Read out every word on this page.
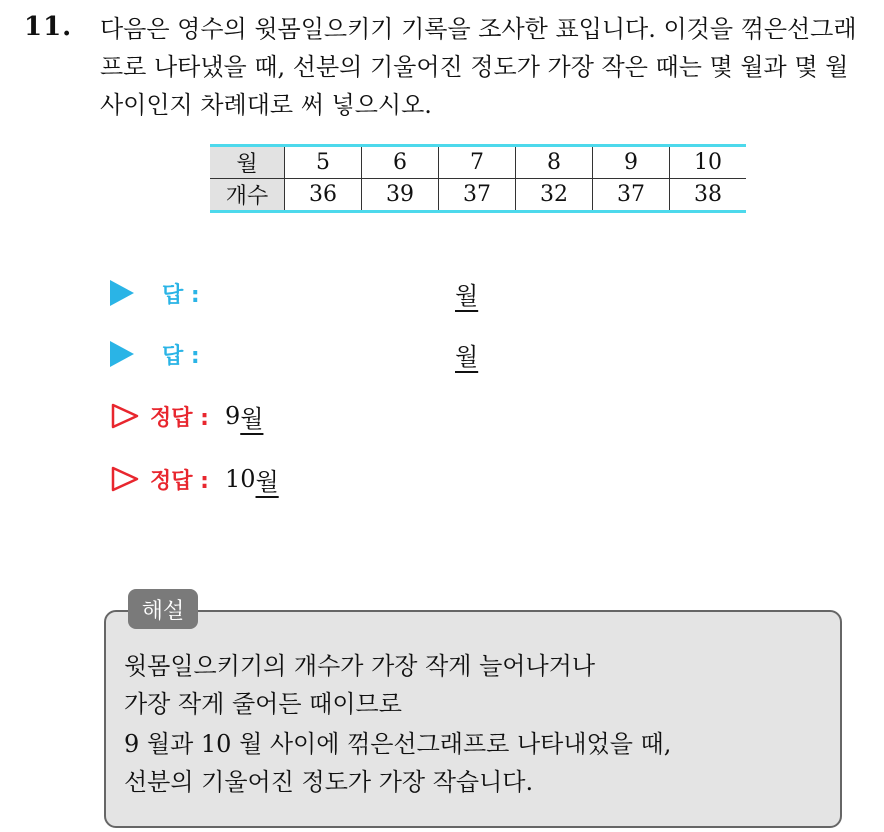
11. 다음은 영수의 윗몸일으키기 기록을 조사한 표입니다. 이것을 꺾은선그래프로 나타냈을 때, 선분의 기울어진 정도가 가장 작은 때는 몇 월과 몇 월 사이인지 차례대로 써 넣으시오.
월	5	6	7	8	9	10
개수	36	39	37	32	37	38
답 :	월
답 :	월
정답 : 9 월
정답 : 10 월
해설
윗몸일으키기의 개수가 가장 작게 늘어나거나
가장 작게 줄어든 때이므로
9 월과 10 월 사이에 꺾은선그래프로 나타내었을 때,
선분의 기울어진 정도가 가장 작습니다.
